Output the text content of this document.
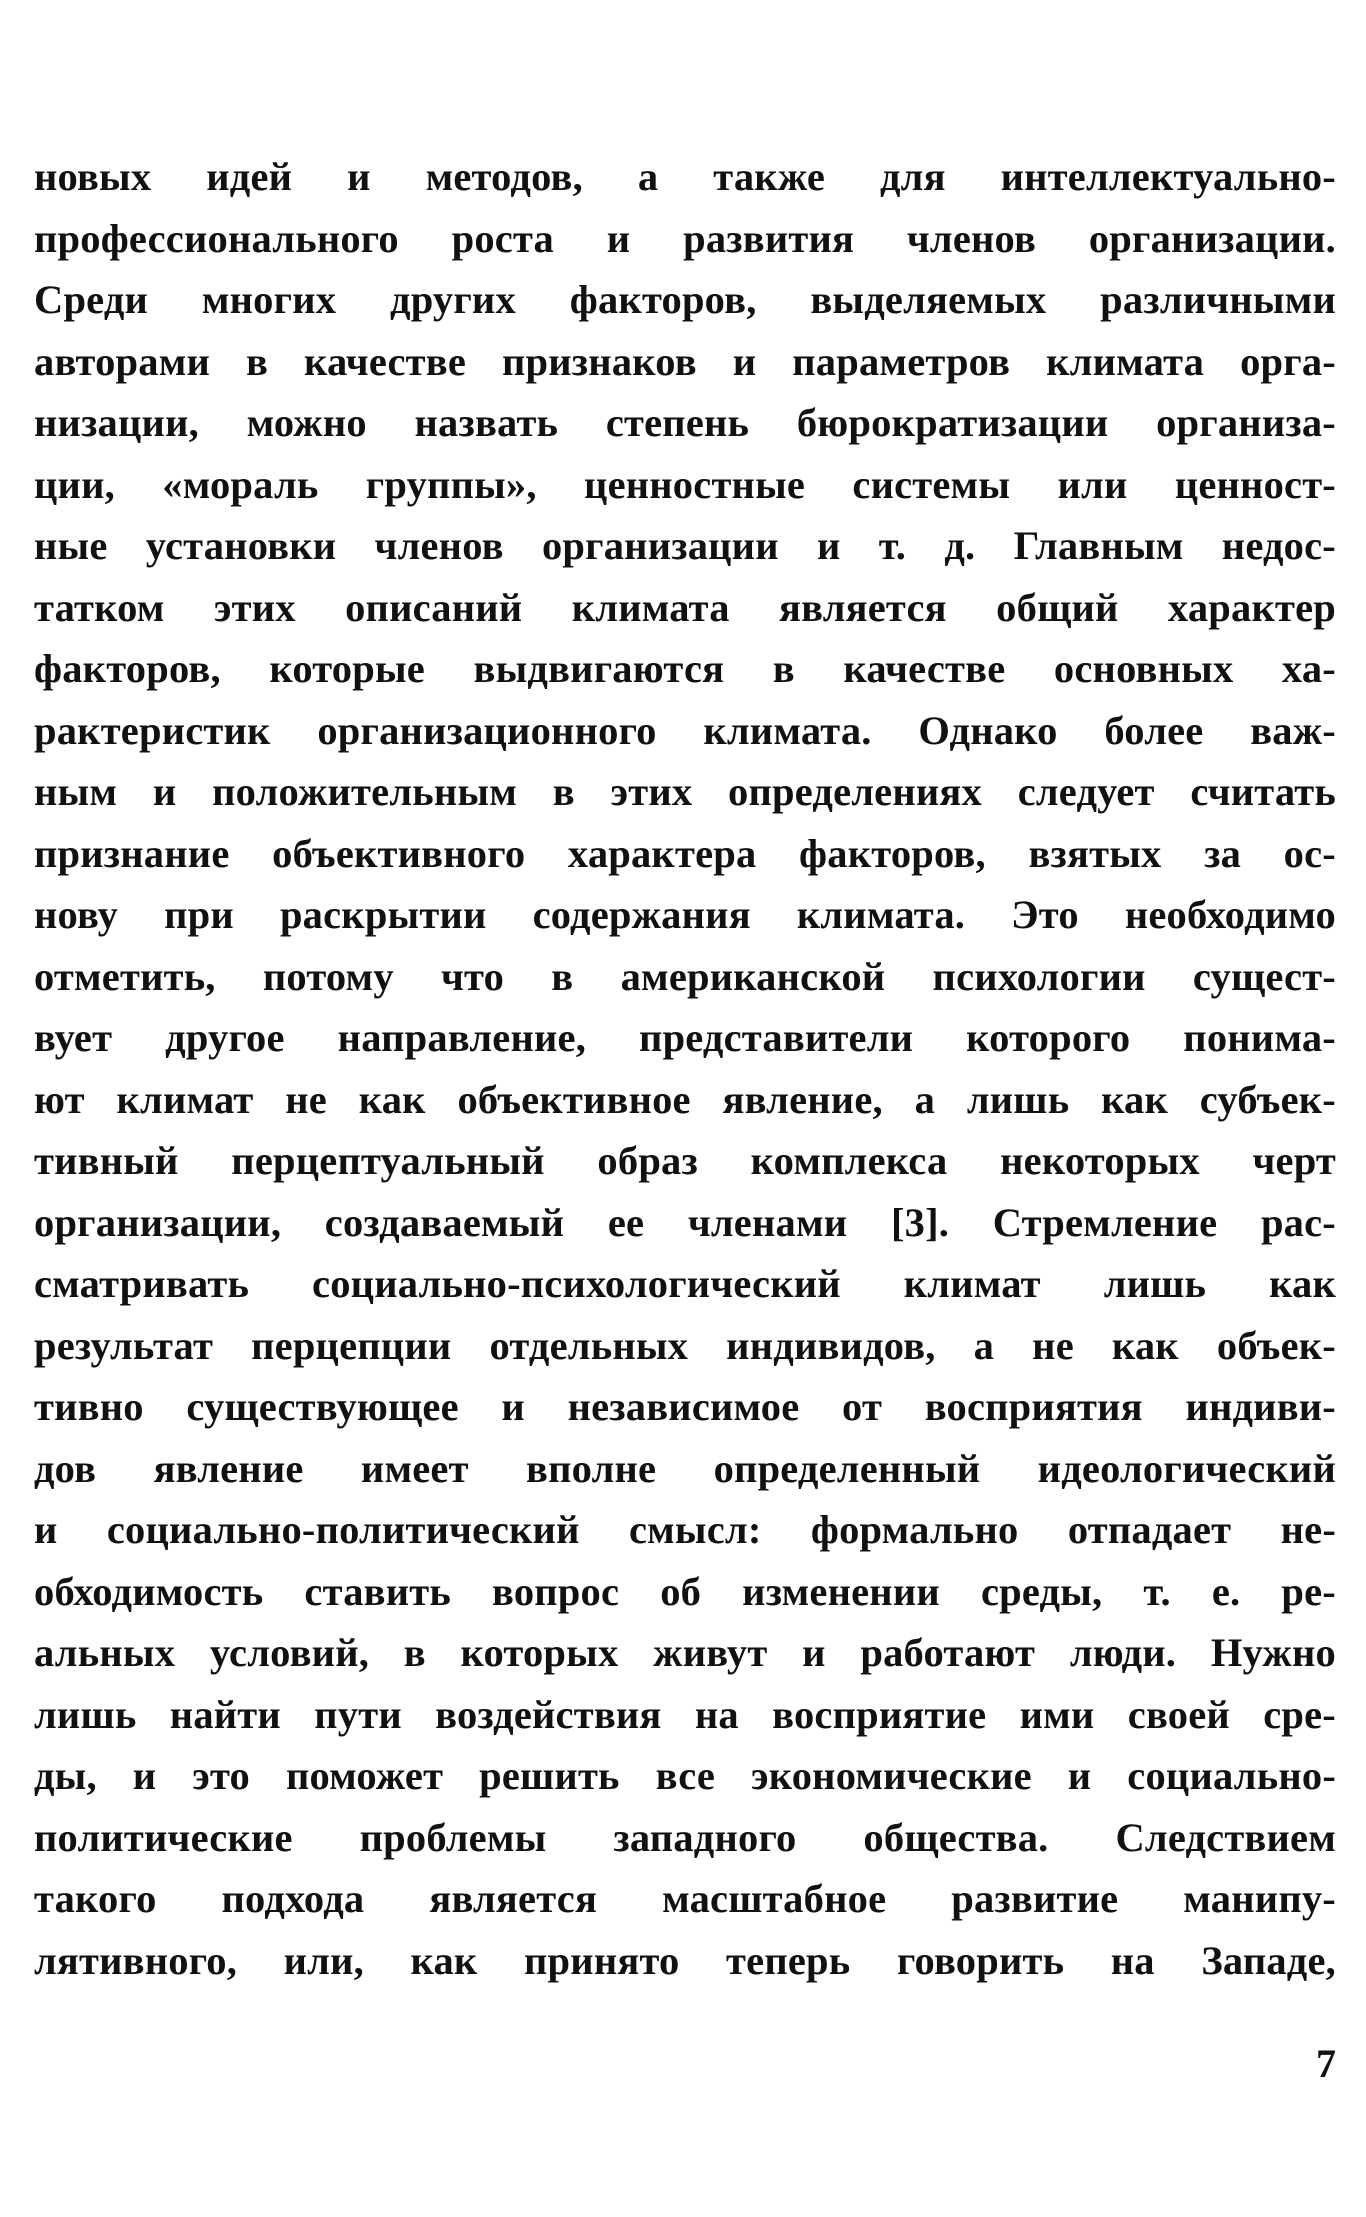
новых идей и методов, а также для интеллектуально-
профессионального роста и развития членов организации.
Среди многих других факторов, выделяемых различными
авторами в качестве признаков и параметров климата орга-
низации, можно назвать степень бюрократизации организа-
ции, «мораль группы», ценностные системы или ценност-
ные установки членов организации и т. д. Главным недос-
татком этих описаний климата является общий характер
факторов, которые выдвигаются в качестве основных ха-
рактеристик организационного климата. Однако более важ-
ным и положительным в этих определениях следует считать
признание объективного характера факторов, взятых за ос-
нову при раскрытии содержания климата. Это необходимо
отметить, потому что в американской психологии сущест-
вует другое направление, представители которого понима-
ют климат не как объективное явление, а лишь как субъек-
тивный перцептуальный образ комплекса некоторых черт
организации, создаваемый ее членами [3]. Стремление рас-
сматривать социально-психологический климат лишь как
результат перцепции отдельных индивидов, а не как объек-
тивно существующее и независимое от восприятия индиви-
дов явление имеет вполне определенный идеологический
и социально-политический смысл: формально отпадает не-
обходимость ставить вопрос об изменении среды, т. е. ре-
альных условий, в которых живут и работают люди. Нужно
лишь найти пути воздействия на восприятие ими своей сре-
ды, и это поможет решить все экономические и социально-
политические проблемы западного общества. Следствием
такого подхода является масштабное развитие манипу-
лятивного, или, как принято теперь говорить на Западе,
7
